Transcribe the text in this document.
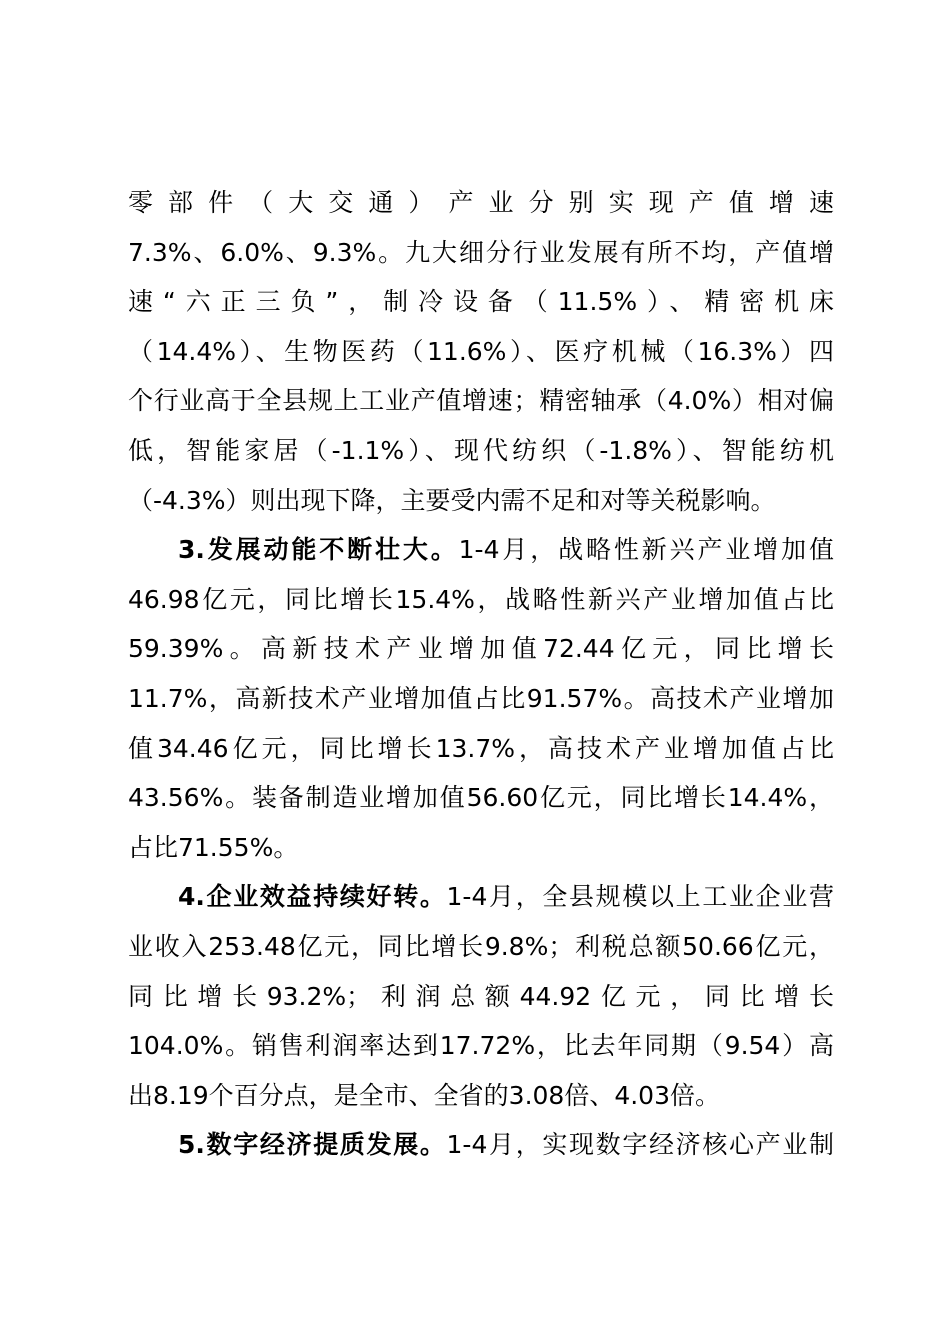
零部件（大交通）产业分别实现产值增速
7.3%、6.0%、9.3%。九大细分行业发展有所不均，产值增
速“六正三负”，制冷设备（11.5%）、精密机床
（14.4%）、生物医药（11.6%）、医疗机械（16.3%）四
个行业高于全县规上工业产值增速；精密轴承（4.0%）相对偏
低，智能家居（-1.1%）、现代纺织（-1.8%）、智能纺机
（-4.3%）则出现下降，主要受内需不足和对等关税影响。
3.发展动能不断壮大。1-4月，战略性新兴产业增加值
46.98亿元，同比增长15.4%，战略性新兴产业增加值占比
59.39%。高新技术产业增加值72.44亿元，同比增长
11.7%，高新技术产业增加值占比91.57%。高技术产业增加
值34.46亿元，同比增长13.7%，高技术产业增加值占比
43.56%。装备制造业增加值56.60亿元，同比增长14.4%，
占比71.55%。
4.企业效益持续好转。1-4月，全县规模以上工业企业营
业收入253.48亿元，同比增长9.8%；利税总额50.66亿元，
同比增长93.2%；利润总额44.92亿元，同比增长
104.0%。销售利润率达到17.72%，比去年同期（9.54）高
出8.19个百分点，是全市、全省的3.08倍、4.03倍。
5.数字经济提质发展。1-4月，实现数字经济核心产业制
